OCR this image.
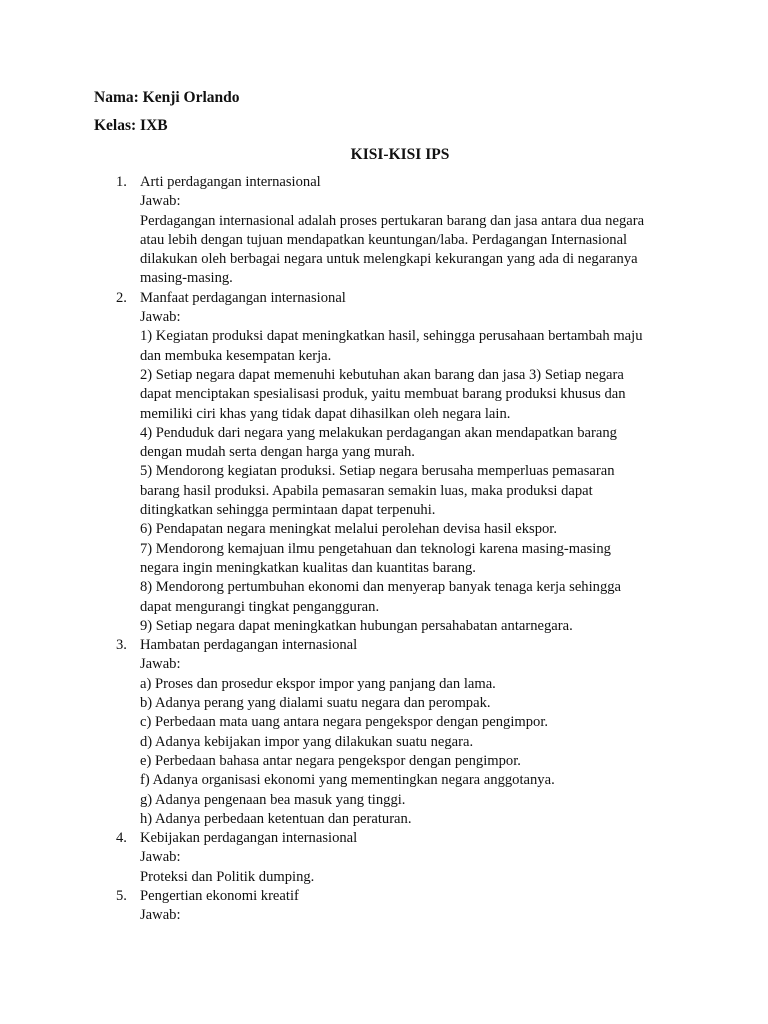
Nama: Kenji Orlando
Kelas: IXB
KISI-KISI IPS
1. Arti perdagangan internasional
Jawab:
Perdagangan internasional adalah proses pertukaran barang dan jasa antara dua negara
atau lebih dengan tujuan mendapatkan keuntungan/laba. Perdagangan Internasional
dilakukan oleh berbagai negara untuk melengkapi kekurangan yang ada di negaranya
masing-masing.
2. Manfaat perdagangan internasional
Jawab:
1) Kegiatan produksi dapat meningkatkan hasil, sehingga perusahaan bertambah maju
dan membuka kesempatan kerja.
2) Setiap negara dapat memenuhi kebutuhan akan barang dan jasa 3) Setiap negara
dapat menciptakan spesialisasi produk, yaitu membuat barang produksi khusus dan
memiliki ciri khas yang tidak dapat dihasilkan oleh negara lain.
4) Penduduk dari negara yang melakukan perdagangan akan mendapatkan barang
dengan mudah serta dengan harga yang murah.
5) Mendorong kegiatan produksi. Setiap negara berusaha memperluas pemasaran
barang hasil produksi. Apabila pemasaran semakin luas, maka produksi dapat
ditingkatkan sehingga permintaan dapat terpenuhi.
6) Pendapatan negara meningkat melalui perolehan devisa hasil ekspor.
7) Mendorong kemajuan ilmu pengetahuan dan teknologi karena masing-masing
negara ingin meningkatkan kualitas dan kuantitas barang.
8) Mendorong pertumbuhan ekonomi dan menyerap banyak tenaga kerja sehingga
dapat mengurangi tingkat pengangguran.
9) Setiap negara dapat meningkatkan hubungan persahabatan antarnegara.
3. Hambatan perdagangan internasional
Jawab:
a) Proses dan prosedur ekspor impor yang panjang dan lama.
b) Adanya perang yang dialami suatu negara dan perompak.
c) Perbedaan mata uang antara negara pengekspor dengan pengimpor.
d) Adanya kebijakan impor yang dilakukan suatu negara.
e) Perbedaan bahasa antar negara pengekspor dengan pengimpor.
f) Adanya organisasi ekonomi yang mementingkan negara anggotanya.
g) Adanya pengenaan bea masuk yang tinggi.
h) Adanya perbedaan ketentuan dan peraturan.
4. Kebijakan perdagangan internasional
Jawab:
Proteksi dan Politik dumping.
5. Pengertian ekonomi kreatif
Jawab:
